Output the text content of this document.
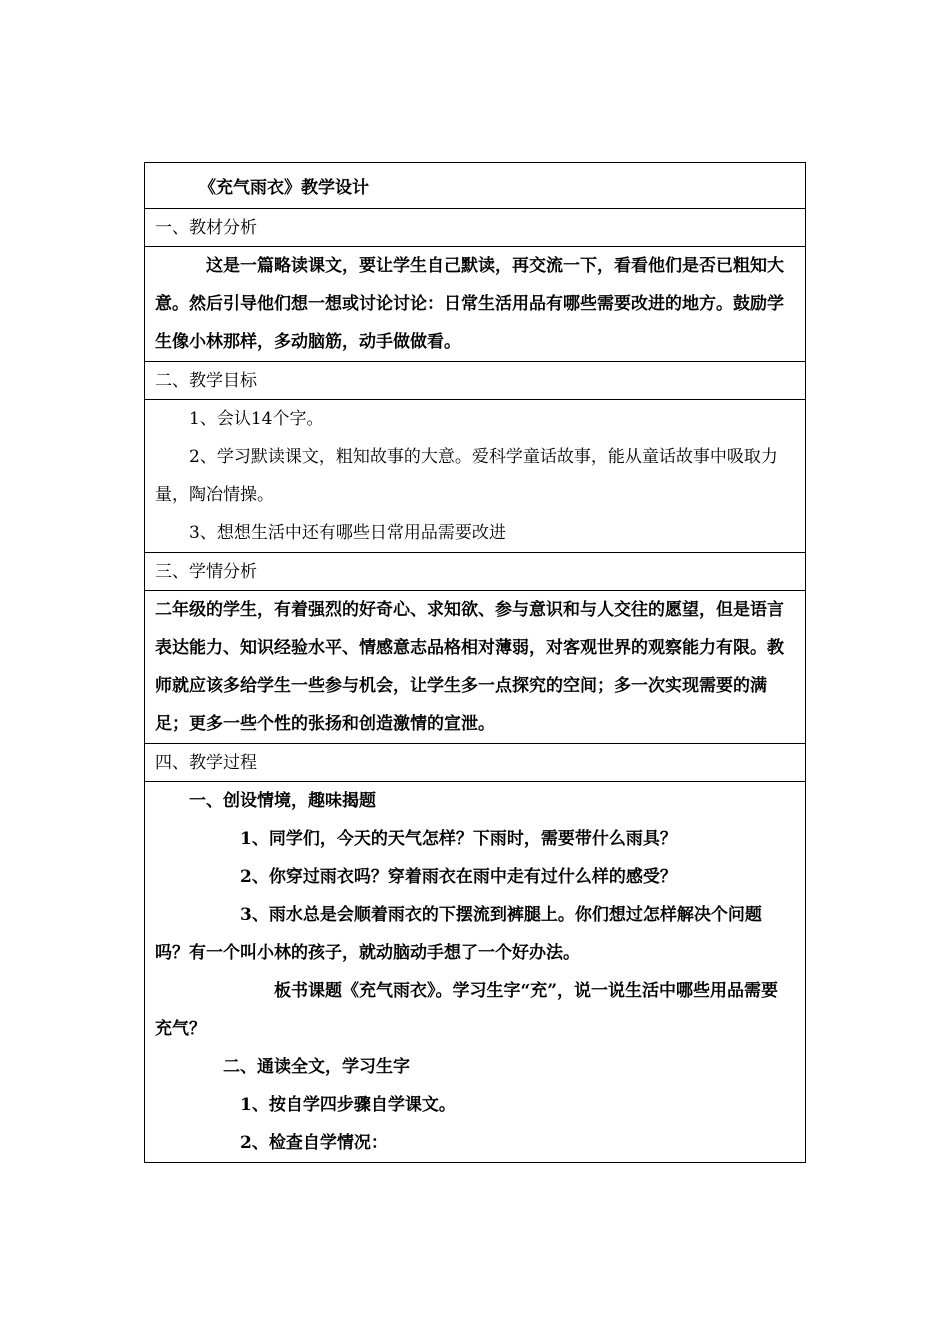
《充气雨衣》教学设计
一、教材分析

这是一篇略读课文，要让学生自己默读，再交流一下，看看他们是否已粗知大意。然后引导他们想一想或讨论讨论：日常生活用品有哪些需要改进的地方。鼓励学生像小林那样，多动脑筋，动手做做看。

二、教学目标

1、会认14个字。

2、学习默读课文，粗知故事的大意。爱科学童话故事，能从童话故事中吸取力量，陶冶情操。

3、想想生活中还有哪些日常用品需要改进

三、学情分析

二年级的学生，有着强烈的好奇心、求知欲、参与意识和与人交往的愿望，但是语言表达能力、知识经验水平、情感意志品格相对薄弱，对客观世界的观察能力有限。教师就应该多给学生一些参与机会，让学生多一点探究的空间；多一次实现需要的满足；更多一些个性的张扬和创造激情的宣泄。

四、教学过程

一、创设情境，趣味揭题

1、同学们，今天的天气怎样？下雨时，需要带什么雨具？

2、你穿过雨衣吗？穿着雨衣在雨中走有过什么样的感受？

3、雨水总是会顺着雨衣的下摆流到裤腿上。你们想过怎样解决个问题吗？有一个叫小林的孩子，就动脑动手想了一个好办法。

板书课题《充气雨衣》。学习生字“充”，说一说生活中哪些用品需要充气？

二、通读全文，学习生字

1、按自学四步骤自学课文。

2、检查自学情况：
